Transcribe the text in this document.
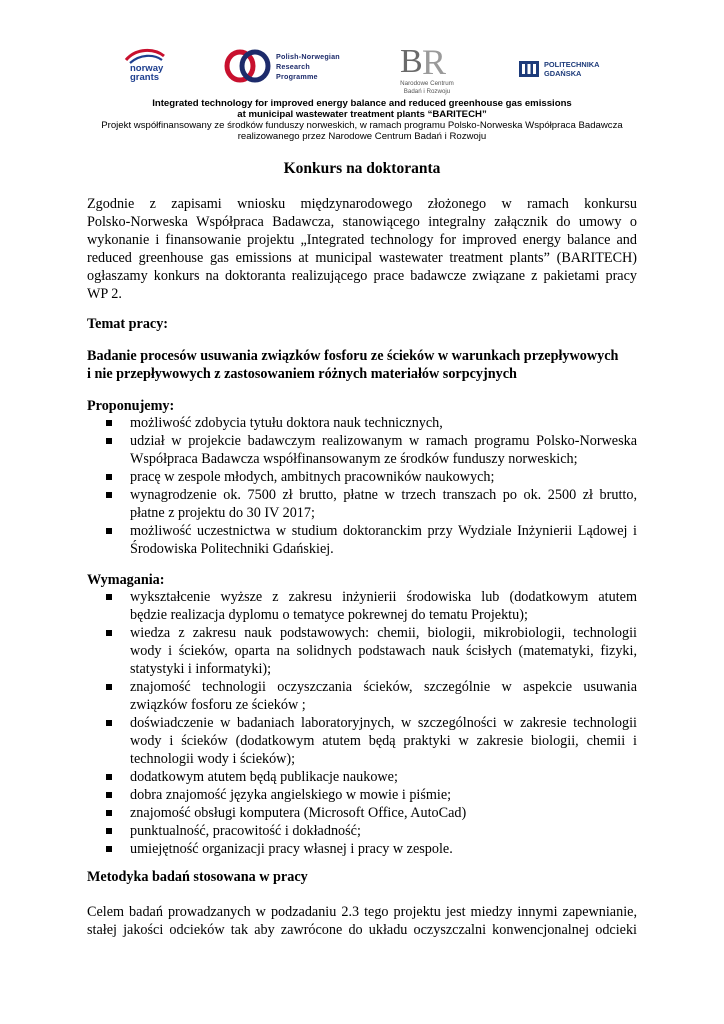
norway grants
Polish-Norwegian
Research
Programme	B R
Narodowe Centrum
Badań i Rozwoju
POLITECHNIKA
GDAŃSKA
Integrated technology for improved energy balance and reduced greenhouse gas emissions
at municipal wastewater treatment plants “BARITECH”
Projekt współfinansowany ze środków funduszy norweskich, w ramach programu Polsko-Norweska Współpraca Badawcza
realizowanego przez Narodowe Centrum Badań i Rozwoju
Konkurs na doktoranta
Zgodnie z zapisami wniosku międzynarodowego złożonego w ramach konkursu
Polsko-Norweska Współpraca Badawcza, stanowiącego integralny załącznik do umowy o
wykonanie i finansowanie projektu „Integrated technology for improved energy balance and
reduced greenhouse gas emissions at municipal wastewater treatment plants” (BARITECH)
ogłaszamy konkurs na doktoranta realizującego prace badawcze związane z pakietami pracy
WP 2.
Temat pracy:
Badanie procesów usuwania związków fosforu ze ścieków w warunkach przepływowych
i nie przepływowych z zastosowaniem różnych materiałów sorpcyjnych
Proponujemy:
możliwość zdobycia tytułu doktora nauk technicznych,
udział w projekcie badawczym realizowanym w ramach programu Polsko-Norweska
Współpraca Badawcza współfinansowanym ze środków funduszy norweskich;
pracę w zespole młodych, ambitnych pracowników naukowych;
wynagrodzenie ok. 7500 zł brutto, płatne w trzech transzach po ok. 2500 zł brutto,
płatne z projektu do 30 IV 2017;
możliwość uczestnictwa w studium doktoranckim przy Wydziale Inżynierii Lądowej i
Środowiska Politechniki Gdańskiej.
Wymagania:
wykształcenie wyższe z zakresu inżynierii środowiska lub (dodatkowym atutem
będzie realizacja dyplomu o tematyce pokrewnej do tematu Projektu);
wiedza z zakresu nauk podstawowych: chemii, biologii, mikrobiologii, technologii
wody i ścieków, oparta na solidnych podstawach nauk ścisłych (matematyki, fizyki,
statystyki i informatyki);
znajomość technologii oczyszczania ścieków, szczególnie w aspekcie usuwania
związków fosforu ze ścieków ;
doświadczenie w badaniach laboratoryjnych, w szczególności w zakresie technologii
wody i ścieków (dodatkowym atutem będą praktyki w zakresie biologii, chemii i
technologii wody i ścieków);
dodatkowym atutem będą publikacje naukowe;
dobra znajomość języka angielskiego w mowie i piśmie;
znajomość obsługi komputera (Microsoft Office, AutoCad)
punktualność, pracowitość i dokładność;
umiejętność organizacji pracy własnej i pracy w zespole.
Metodyka badań stosowana w pracy
Celem badań prowadzanych w podzadaniu 2.3 tego projektu jest miedzy innymi zapewnianie,
stałej jakości odcieków tak aby zawrócone do układu oczyszczalni konwencjonalnej odcieki
